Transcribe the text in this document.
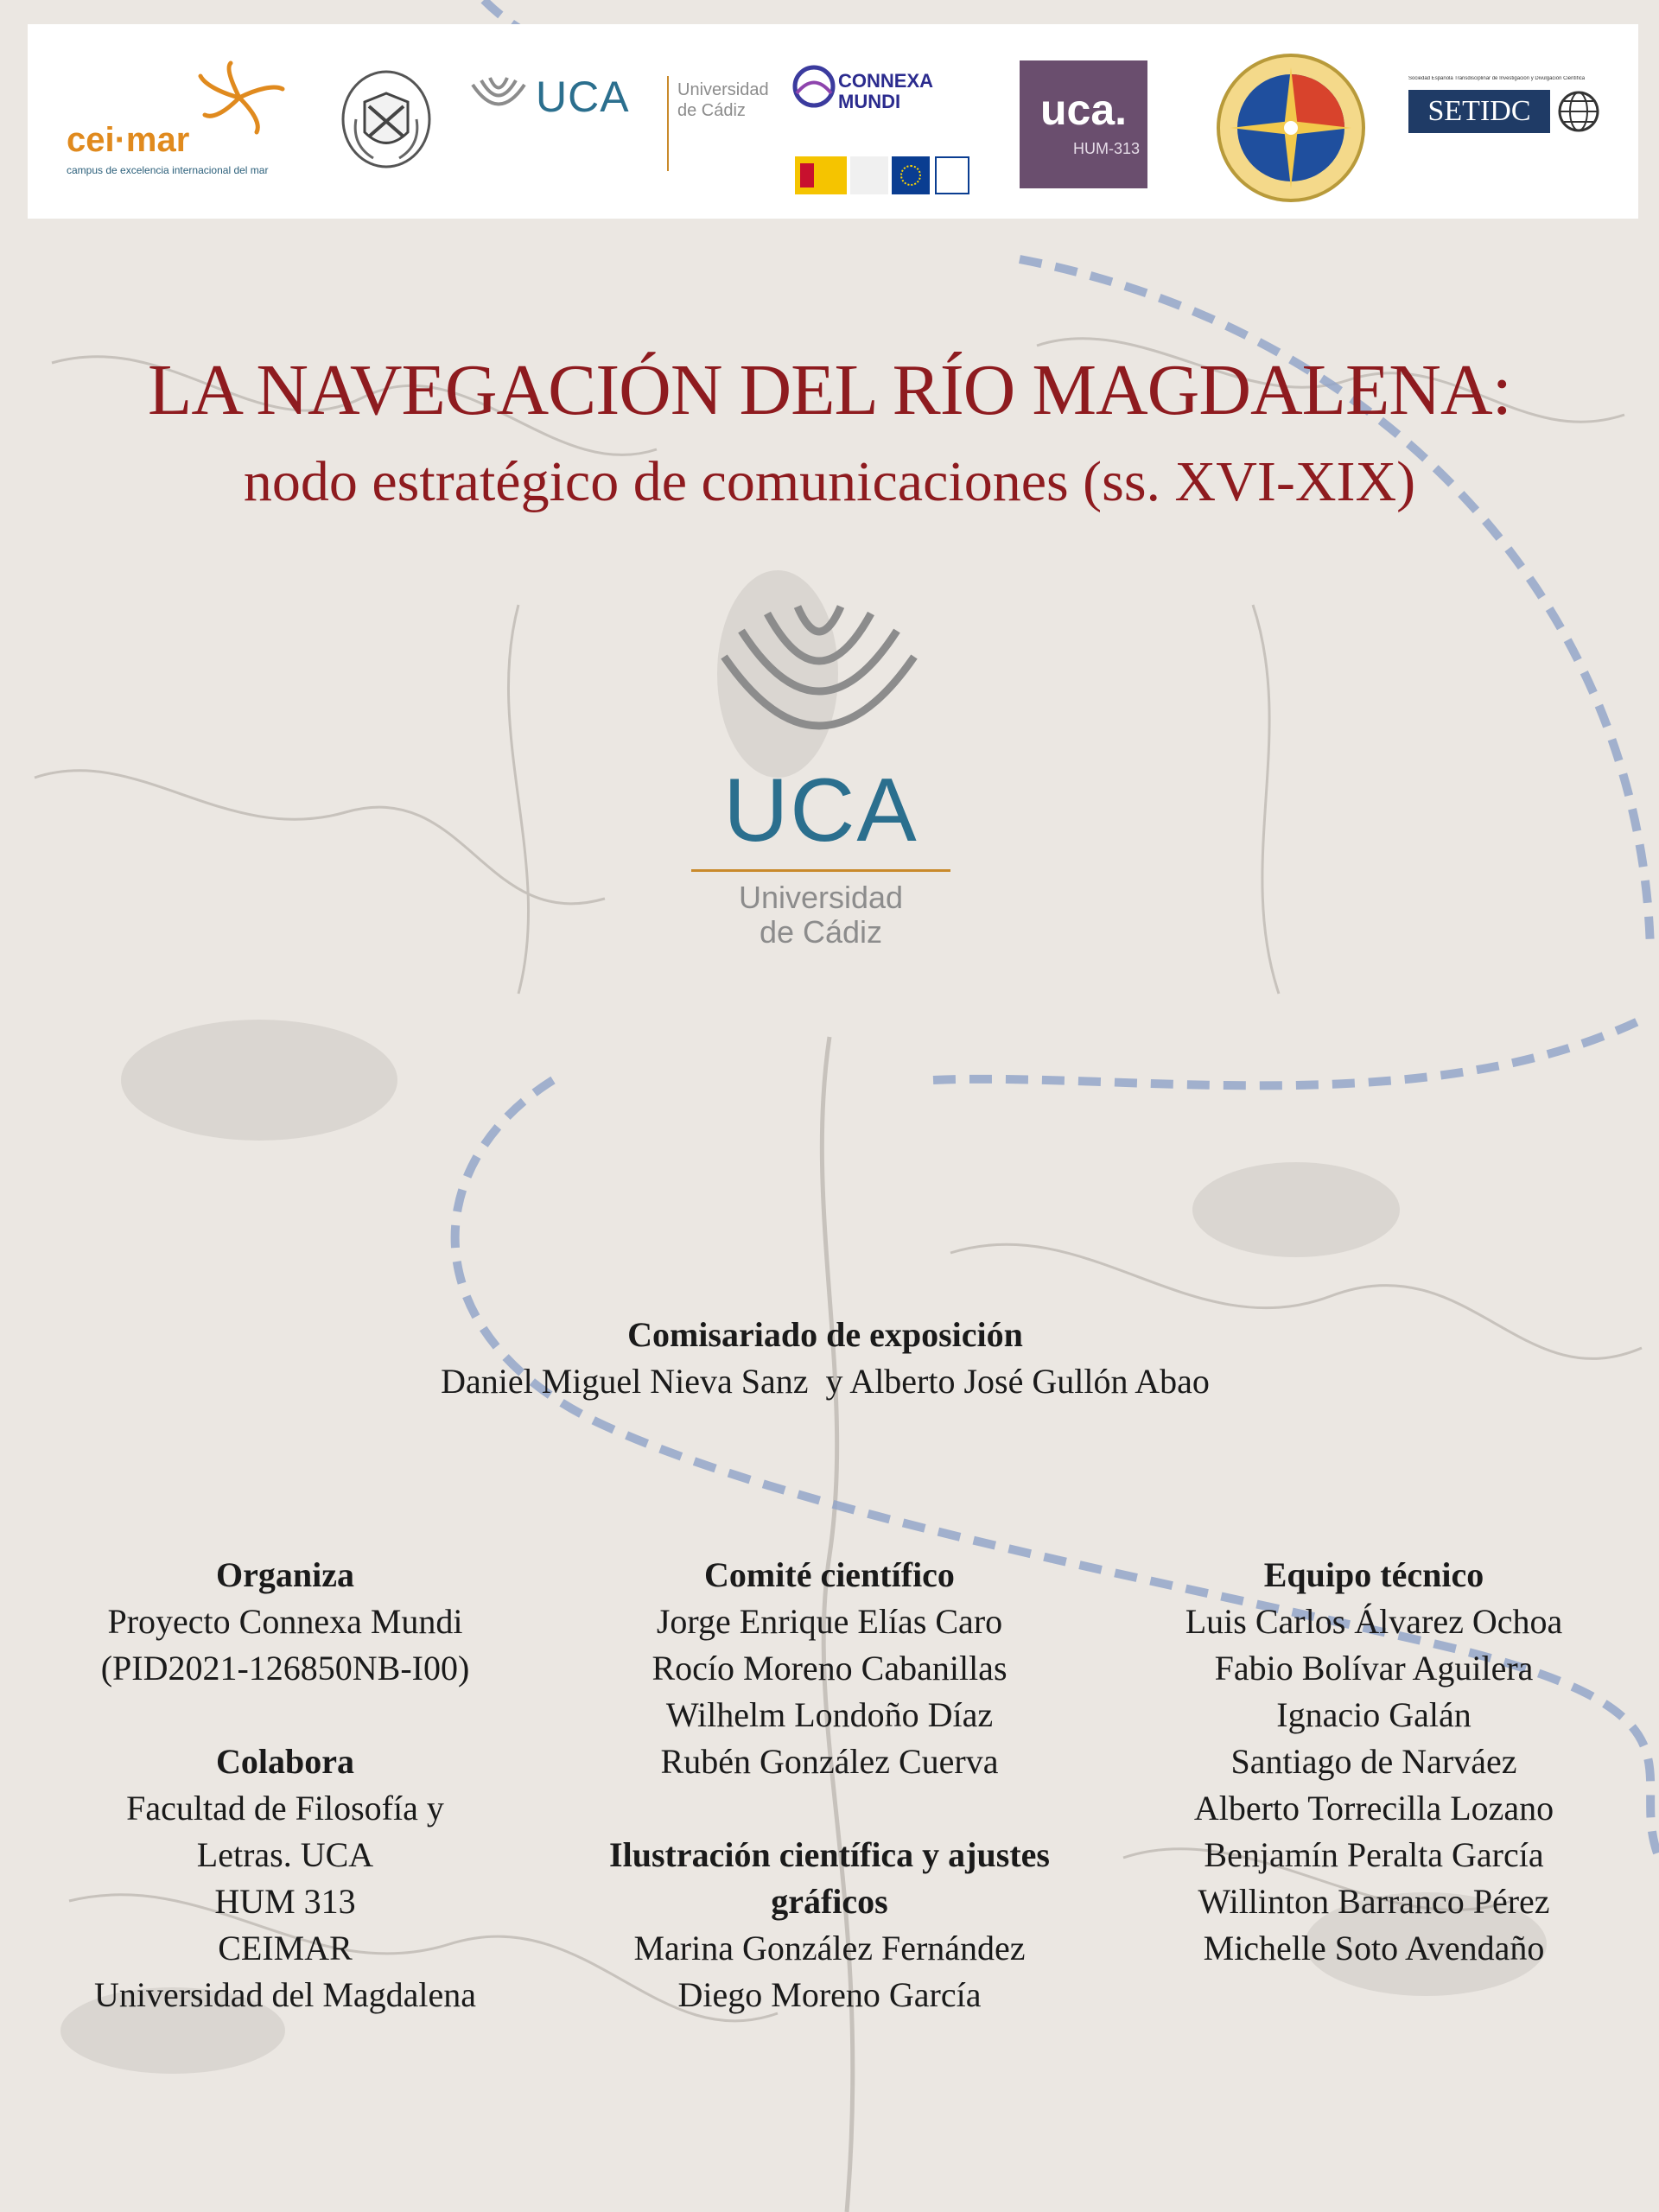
cei·mar
campus de excelencia internacional del mar
UCA	Universidad
de Cádiz
CONNEXA
MUNDI	uca.
HUM-313
Sociedad Española Transdisciplinar de Investigación y Divulgación Científica
SETIDC
LA NAVEGACIÓN DEL RÍO MAGDALENA:
nodo estratégico de comunicaciones (ss. XVI-XIX)
UCA
Universidad
de Cádiz
Comisariado de exposición
Daniel Miguel Nieva Sanz  y Alberto José Gullón Abao
Organiza
Proyecto Connexa Mundi
(PID2021-126850NB-I00)
Colabora
Facultad de Filosofía y
Letras. UCA
HUM 313
CEIMAR
Universidad del Magdalena
Comité científico
Jorge Enrique Elías Caro
Rocío Moreno Cabanillas
Wilhelm Londoño Díaz
Rubén González Cuerva
Ilustración científica y ajustes
gráficos
Marina González Fernández
Diego Moreno García
Equipo técnico
Luis Carlos Álvarez Ochoa
Fabio Bolívar Aguilera
Ignacio Galán
Santiago de Narváez
Alberto Torrecilla Lozano
Benjamín Peralta García
Willinton Barranco Pérez
Michelle Soto Avendaño
